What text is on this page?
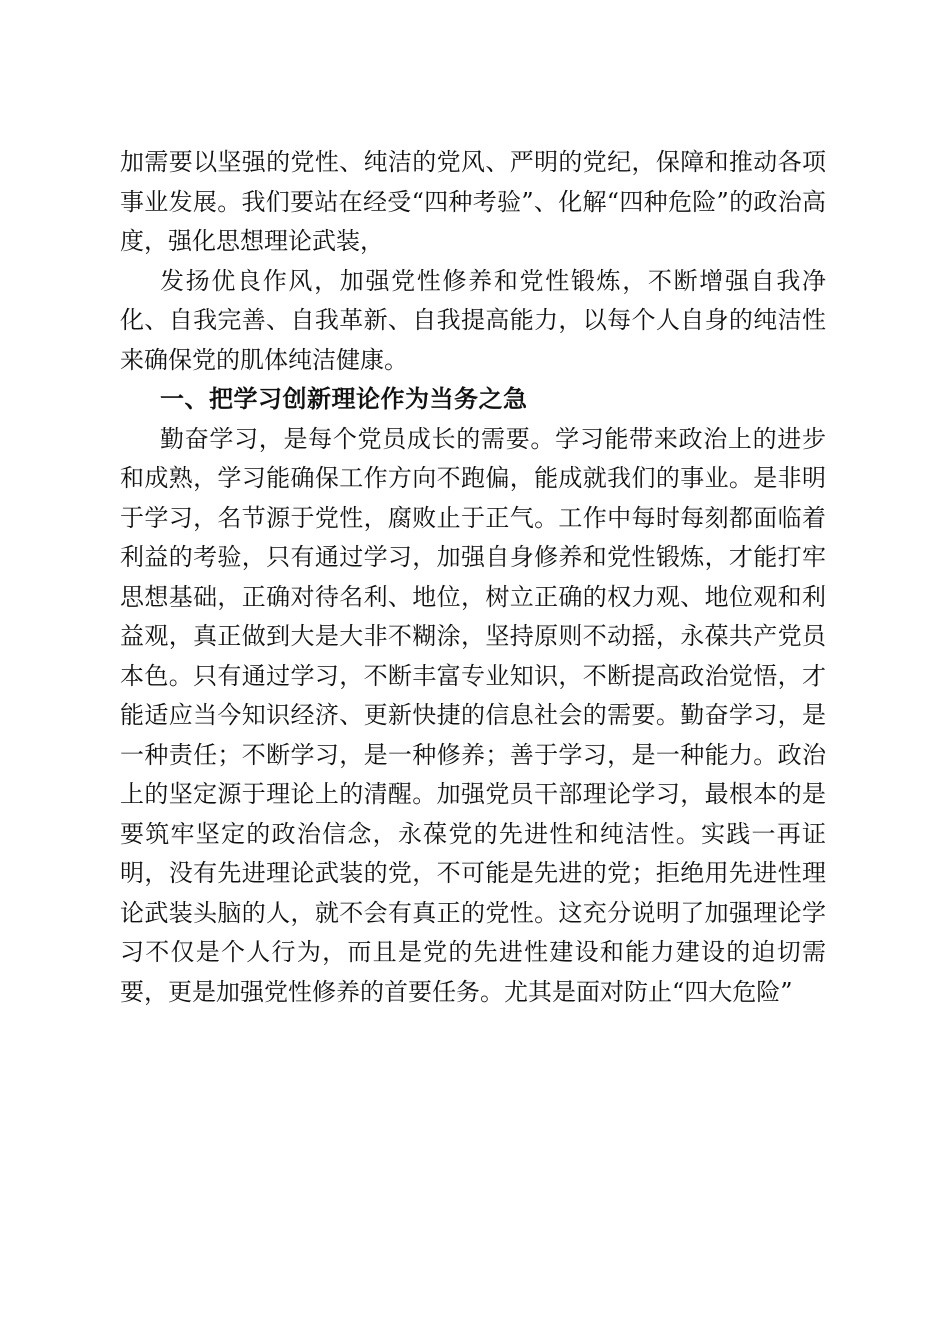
加需要以坚强的党性、纯洁的党风、严明的党纪，保障和推动各项事业发展。我们要站在经受“四种考验”、化解“四种危险”的政治高度，强化思想理论武装，

发扬优良作风，加强党性修养和党性锻炼，不断增强自我净化、自我完善、自我革新、自我提高能力，以每个人自身的纯洁性来确保党的肌体纯洁健康。

一、把学习创新理论作为当务之急

勤奋学习，是每个党员成长的需要。学习能带来政治上的进步和成熟，学习能确保工作方向不跑偏，能成就我们的事业。是非明于学习，名节源于党性，腐败止于正气。工作中每时每刻都面临着利益的考验，只有通过学习，加强自身修养和党性锻炼，才能打牢思想基础，正确对待名利、地位，树立正确的权力观、地位观和利益观，真正做到大是大非不糊涂，坚持原则不动摇，永葆共产党员本色。只有通过学习，不断丰富专业知识，不断提高政治觉悟，才能适应当今知识经济、更新快捷的信息社会的需要。勤奋学习，是一种责任；不断学习，是一种修养；善于学习，是一种能力。政治上的坚定源于理论上的清醒。加强党员干部理论学习，最根本的是要筑牢坚定的政治信念，永葆党的先进性和纯洁性。实践一再证明，没有先进理论武装的党，不可能是先进的党；拒绝用先进性理论武装头脑的人，就不会有真正的党性。这充分说明了加强理论学习不仅是个人行为，而且是党的先进性建设和能力建设的迫切需要，更是加强党性修养的首要任务。尤其是面对防止“四大危险”
